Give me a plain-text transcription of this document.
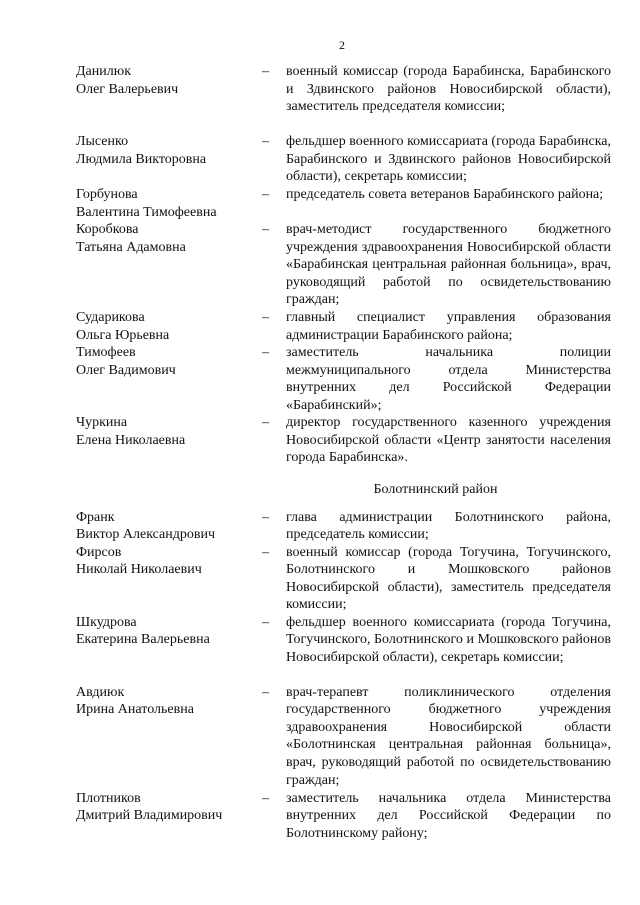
2
Данилюк
Олег Валерьевич
–	военный комиссар (города Барабинска, Барабинского и Здвинского районов Новосибирской области), заместитель председателя комиссии;
Лысенко
Людмила Викторовна
–	фельдшер военного комиссариата (города Барабинска, Барабинского и Здвинского районов Новосибирской области), секретарь комиссии;
Горбунова
Валентина Тимофеевна
–	председатель совета ветеранов Барабинского района;
Коробкова
Татьяна Адамовна
–	врач-методист государственного бюджетного учреждения здравоохранения Новосибирской области «Барабинская центральная районная больница», врач, руководящий работой по освидетельствованию граждан;
Сударикова
Ольга Юрьевна
–	главный специалист управления образования администрации Барабинского района;
Тимофеев
Олег Вадимович
–	заместитель начальника полиции межмуниципального отдела Министерства внутренних дел Российской Федерации «Барабинский»;
Чуркина
Елена Николаевна
–	директор государственного казенного учреждения Новосибирской области «Центр занятости населения города Барабинска».
Болотнинский район
Франк
Виктор Александрович
–	глава администрации Болотнинского района, председатель комиссии;
Фирсов
Николай Николаевич
–	военный комиссар (города Тогучина, Тогучинского, Болотнинского и Мошковского районов Новосибирской области), заместитель председателя комиссии;
Шкудрова
Екатерина Валерьевна
–	фельдшер военного комиссариата (города Тогучина, Тогучинского, Болотнинского и Мошковского районов Новосибирской области), секретарь комиссии;
Авдиюк
Ирина Анатольевна
–	врач-терапевт поликлинического отделения государственного бюджетного учреждения здравоохранения Новосибирской области «Болотнинская центральная районная больница», врач, руководящий работой по освидетельствованию граждан;
Плотников
Дмитрий Владимирович
–	заместитель начальника отдела Министерства внутренних дел Российской Федерации по Болотнинскому району;
